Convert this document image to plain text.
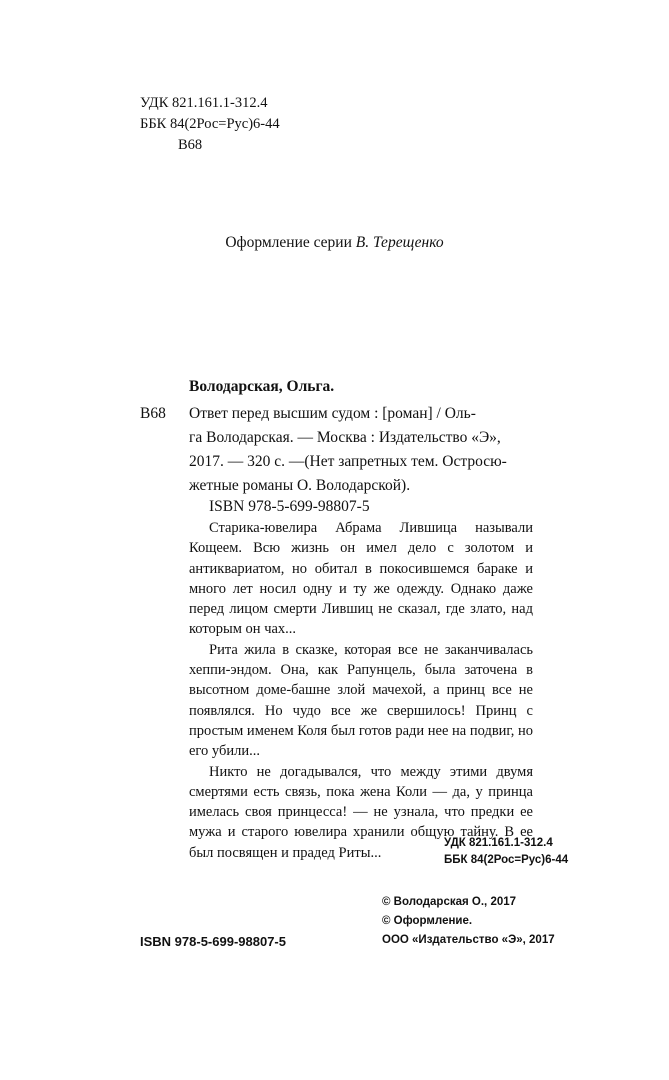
УДК 821.161.1-312.4
ББК 84(2Рос=Рус)6-44
В68
Оформление серии В. Терещенко
Володарская, Ольга.
В68 Ответ перед высшим судом : [роман] / Оль-
га Володарская. — Москва : Издательство «Э»,
2017. — 320 с. —(Нет запретных тем. Остросю-
жетные романы О. Володарской).
ISBN 978-5-699-98807-5

Старика-ювелира Абрама Лившица называли Кощеем. Всю жизнь он имел дело с золотом и антиквариатом, но обитал в покосившемся бараке и много лет носил одну и ту же одежду. Однако даже перед лицом смерти Лившиц не сказал, где злато, над которым он чах...

Рита жила в сказке, которая все не заканчивалась хеппи-эндом. Она, как Рапунцель, была заточена в высотном доме-башне злой мачехой, а принц все не появлялся. Но чудо все же свершилось! Принц с простым именем Коля был готов ради нее на подвиг, но его убили...

Никто не догадывался, что между этими двумя смертями есть связь, пока жена Коли — да, у принца имелась своя принцесса! — не узнала, что предки ее мужа и старого ювелира хранили общую тайну. В ее был посвящен и прадед Риты...

УДК 821.161.1-312.4
ББК 84(2Рос=Рус)6-44
© Володарская О., 2017
© Оформление.
ООО «Издательство «Э», 2017
ISBN 978-5-699-98807-5
